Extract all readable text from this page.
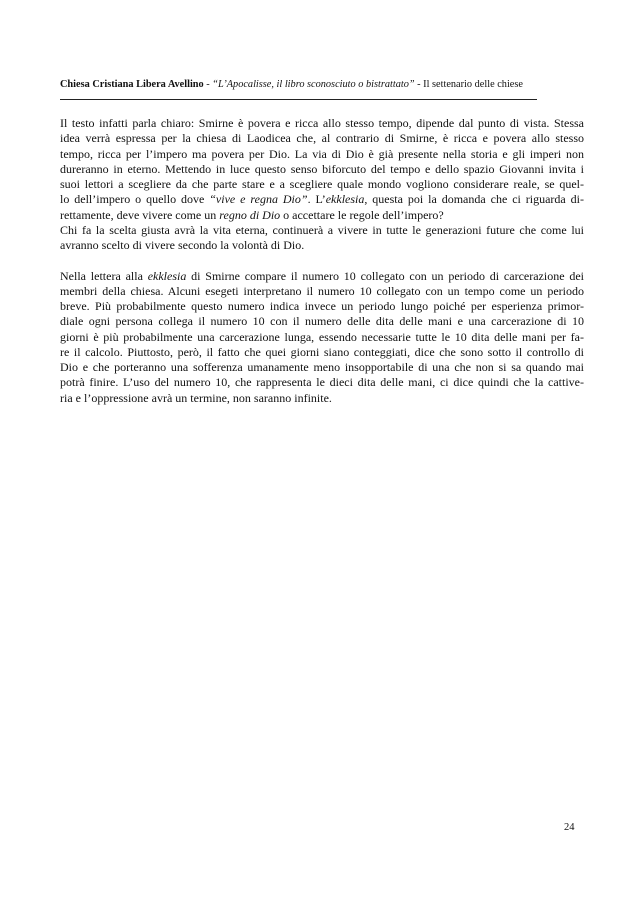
Chiesa Cristiana Libera Avellino - “L’Apocalisse, il libro sconosciuto o bistrattato” - Il settenario delle chiese
Il testo infatti parla chiaro: Smirne è povera e ricca allo stesso tempo, dipende dal punto di vista. Stessa
idea verrà espressa per la chiesa di Laodicea che, al contrario di Smirne, è ricca e povera allo stesso
tempo, ricca per l’impero ma povera per Dio. La via di Dio è già presente nella storia e gli imperi non
dureranno in eterno. Mettendo in luce questo senso biforcuto del tempo e dello spazio Giovanni invita i
suoi lettori a scegliere da che parte stare e a scegliere quale mondo vogliono considerare reale, se quel-
lo dell’impero o quello dove “vive e regna Dio”. L’ekklesia, questa poi la domanda che ci riguarda di-
rettamente, deve vivere come un regno di Dio o accettare le regole dell’impero?
Chi fa la scelta giusta avrà la vita eterna, continuerà a vivere in tutte le generazioni future che come lui
avranno scelto di vivere secondo la volontà di Dio.
Nella lettera alla ekklesia di Smirne compare il numero 10 collegato con un periodo di carcerazione dei
membri della chiesa. Alcuni esegeti interpretano il numero 10 collegato con un tempo come un periodo
breve. Più probabilmente questo numero indica invece un periodo lungo poiché per esperienza primor-
diale ogni persona collega il numero 10 con il numero delle dita delle mani e una carcerazione di 10
giorni è più probabilmente una carcerazione lunga, essendo necessarie tutte le 10 dita delle mani per fa-
re il calcolo. Piuttosto, però, il fatto che quei giorni siano conteggiati, dice che sono sotto il controllo di
Dio e che porteranno una sofferenza umanamente meno insopportabile di una che non si sa quando mai
potrà finire. L’uso del numero 10, che rappresenta le dieci dita delle mani, ci dice quindi che la cattive-
ria e l’oppressione avrà un termine, non saranno infinite.
24
